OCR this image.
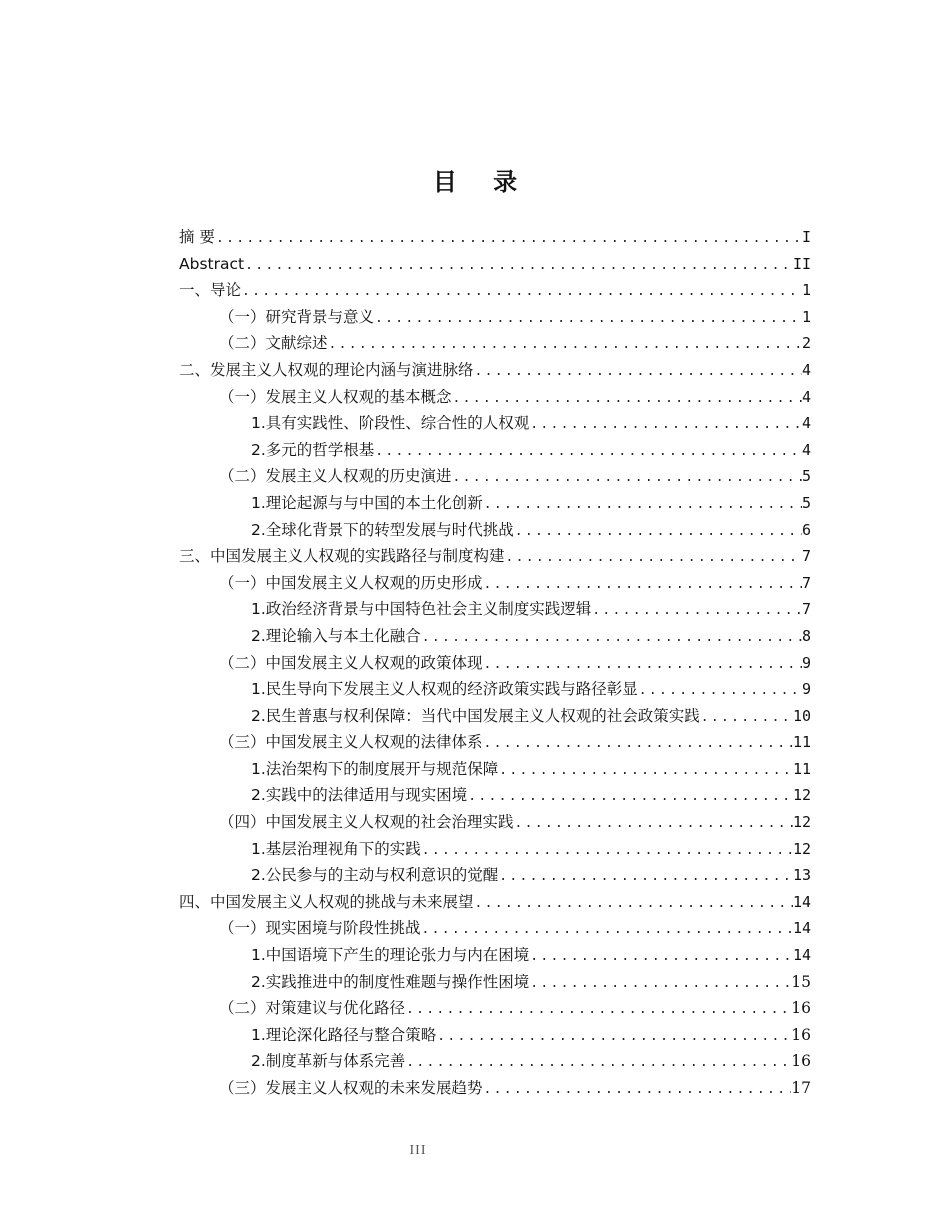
目 录
摘 要 .....	I
Abstract .....	II
一、导论 .....	1
（一）研究背景与意义 .....	1
（二）文献综述 .....	2
二、发展主义人权观的理论内涵与演进脉络 .....	4
（一）发展主义人权观的基本概念 .....	4
1.具有实践性、阶段性、综合性的人权观 .....	4
2.多元的哲学根基 .....	4
（二）发展主义人权观的历史演进 .....	5
1.理论起源与与中国的本土化创新 .....	5
2.全球化背景下的转型发展与时代挑战 .....	6
三、中国发展主义人权观的实践路径与制度构建 .....	7
（一）中国发展主义人权观的历史形成 .....	7
1.政治经济背景与中国特色社会主义制度实践逻辑 .....	7
2.理论输入与本土化融合 .....	8
（二）中国发展主义人权观的政策体现 .....	9
1.民生导向下发展主义人权观的经济政策实践与路径彰显 .....	9
2.民生普惠与权利保障：当代中国发展主义人权观的社会政策实践 .....	10
（三）中国发展主义人权观的法律体系 .....	11
1.法治架构下的制度展开与规范保障 .....	11
2.实践中的法律适用与现实困境 .....	12
（四）中国发展主义人权观的社会治理实践 .....	12
1.基层治理视角下的实践 .....	12
2.公民参与的主动与权利意识的觉醒 .....	13
四、中国发展主义人权观的挑战与未来展望 .....	14
（一）现实困境与阶段性挑战 .....	14
1.中国语境下产生的理论张力与内在困境 .....	14
2.实践推进中的制度性难题与操作性困境 .....	15
（二）对策建议与优化路径 .....	16
1.理论深化路径与整合策略 .....	16
2.制度革新与体系完善 .....	16
（三）发展主义人权观的未来发展趋势 .....	17
III
